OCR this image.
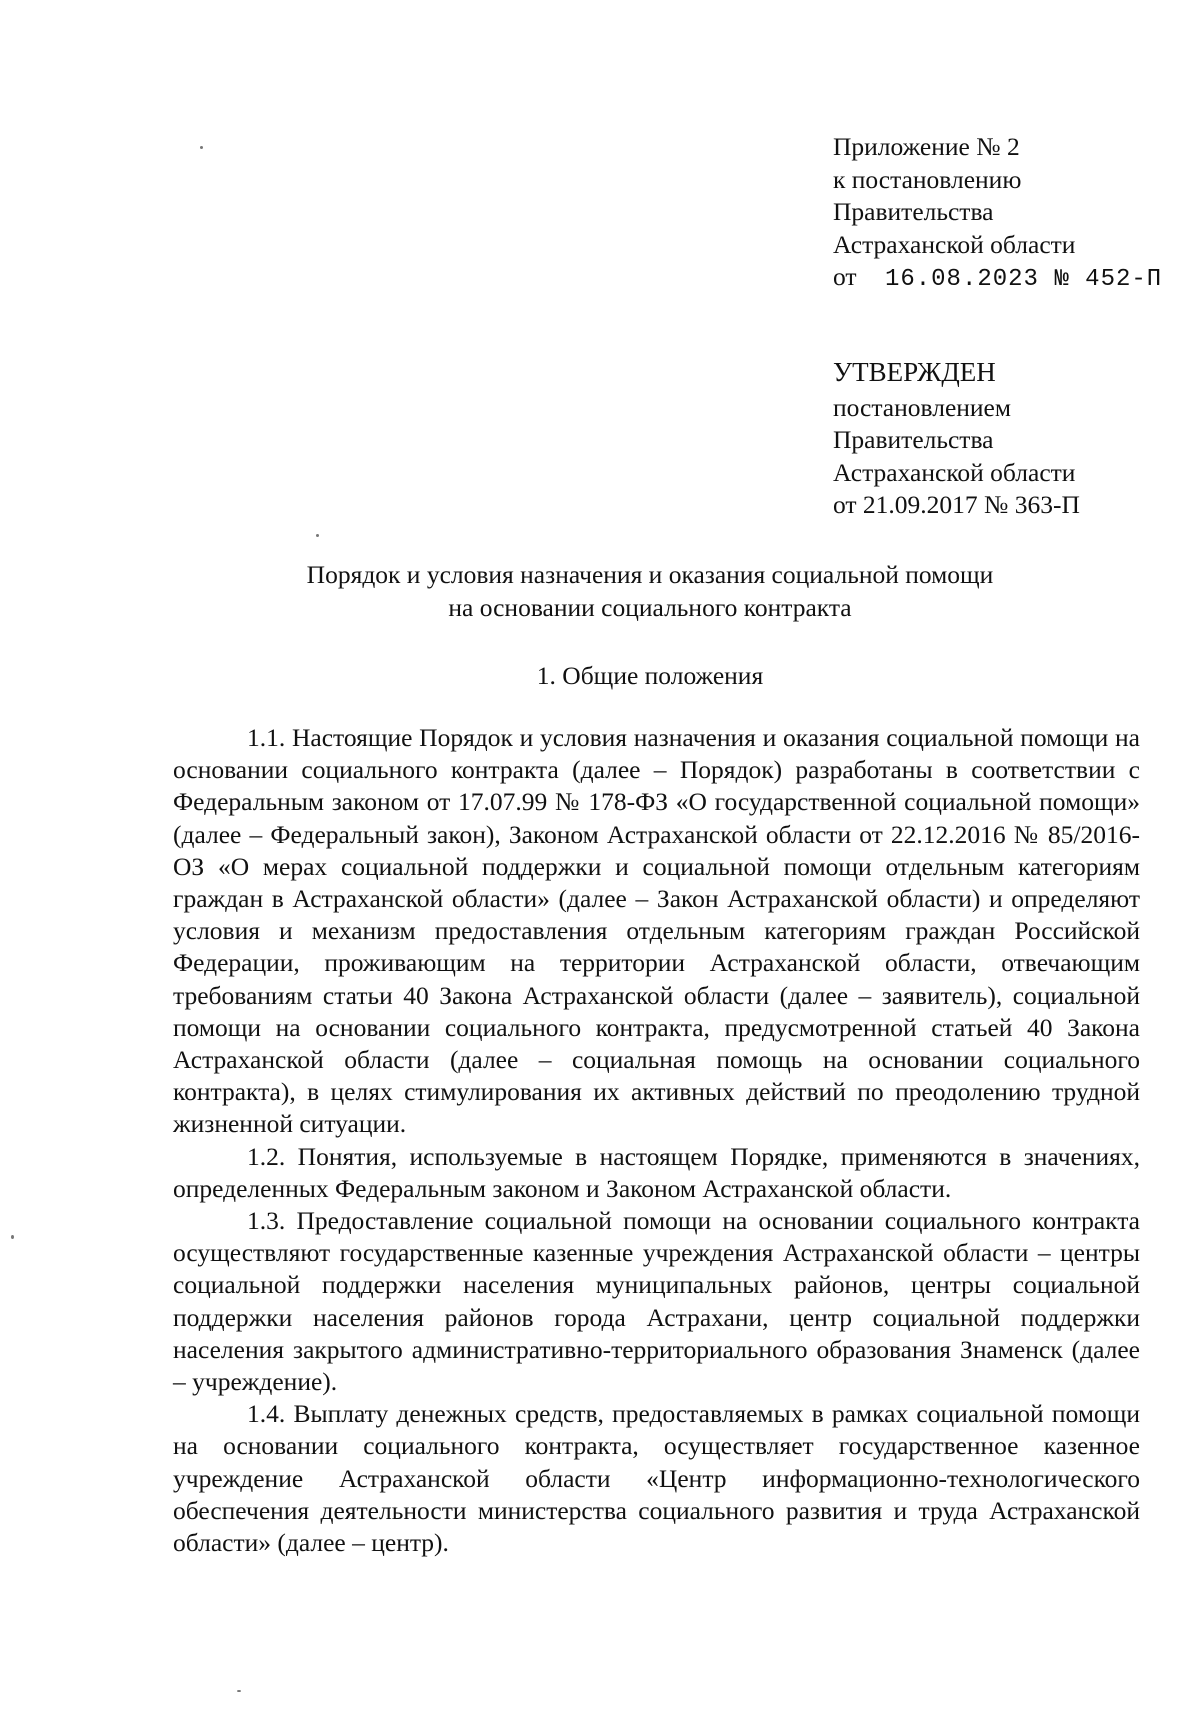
Приложение № 2
к постановлению
Правительства
Астраханской области
от 16.08.2023 № 452-П
УТВЕРЖДЕН
постановлением
Правительства
Астраханской области
от 21.09.2017 № 363-П
Порядок и условия назначения и оказания социальной помощи
на основании социального контракта
1. Общие положения

1.1. Настоящие Порядок и условия назначения и оказания социальной помощи на основании социального контракта (далее – Порядок) разработаны в соответствии с Федеральным законом от 17.07.99 № 178-ФЗ «О государственной социальной помощи» (далее – Федеральный закон), Законом Астраханской области от 22.12.2016 № 85/2016-ОЗ «О мерах социальной поддержки и социальной помощи отдельным категориям граждан в Астраханской области» (далее – Закон Астраханской области) и определяют условия и механизм предоставления отдельным категориям граждан Российской Федерации, проживающим на территории Астраханской области, отвечающим требованиям статьи 40 Закона Астраханской области (далее – заявитель), социальной помощи на основании социального контракта, предусмотренной статьей 40 Закона Астраханской области (далее – социальная помощь на основании социального контракта), в целях стимулирования их активных действий по преодолению трудной жизненной ситуации.

1.2. Понятия, используемые в настоящем Порядке, применяются в значениях, определенных Федеральным законом и Законом Астраханской области.

1.3. Предоставление социальной помощи на основании социального контракта осуществляют государственные казенные учреждения Астраханской области – центры социальной поддержки населения муниципальных районов, центры социальной поддержки населения районов города Астрахани, центр социальной поддержки населения закрытого административно-территориального образования Знаменск (далее – учреждение).

1.4. Выплату денежных средств, предоставляемых в рамках социальной помощи на основании социального контракта, осуществляет государственное казенное учреждение Астраханской области «Центр информационно-технологического обеспечения деятельности министерства социального развития и труда Астраханской области» (далее – центр).
